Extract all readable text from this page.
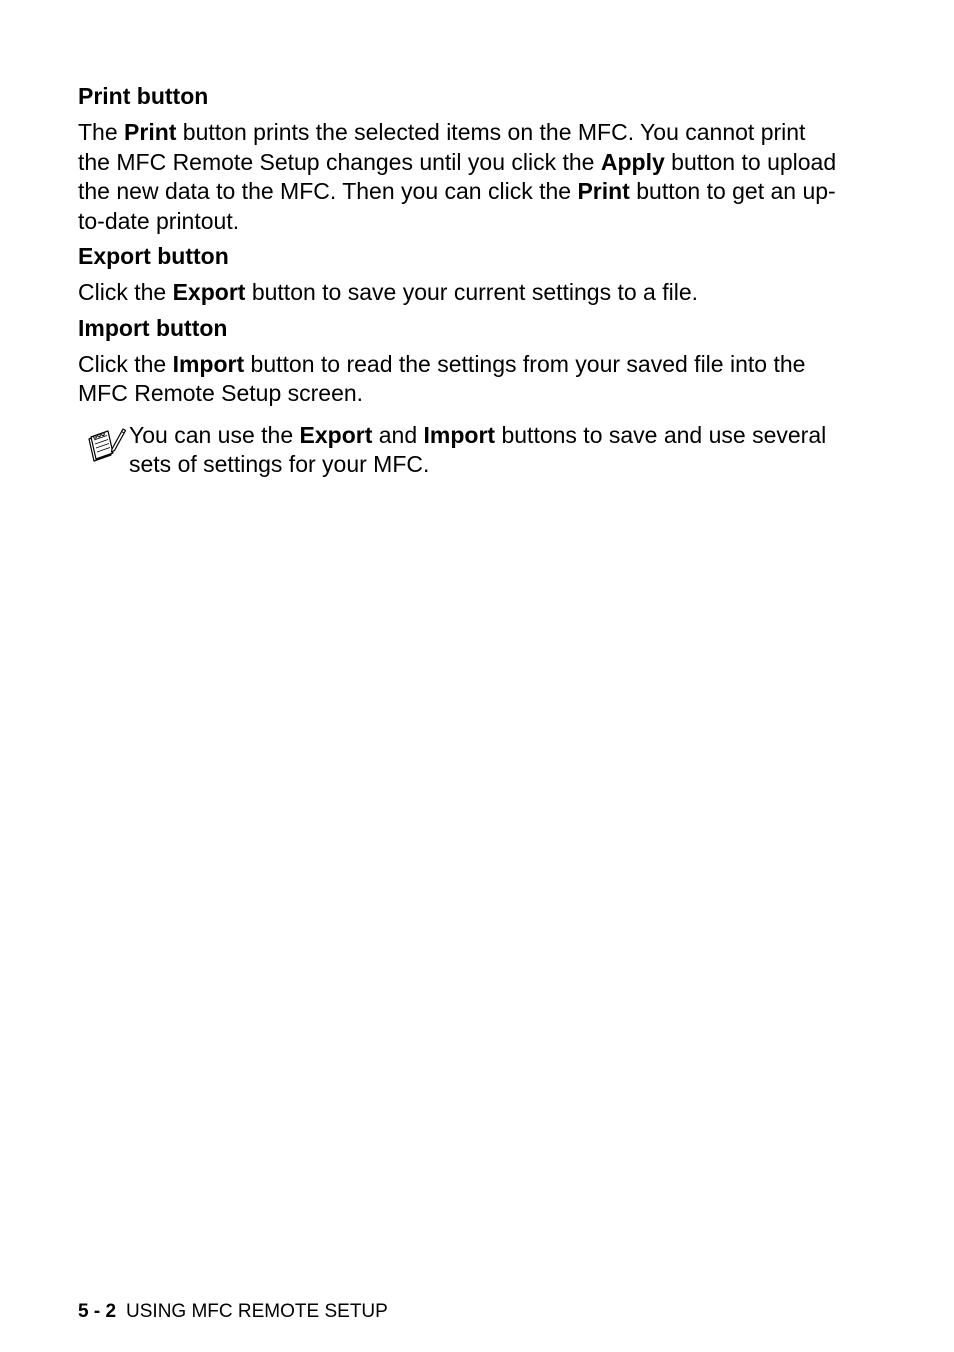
Print button

The Print button prints the selected items on the MFC. You cannot print the MFC Remote Setup changes until you click the Apply button to upload the new data to the MFC. Then you can click the Print button to get an up-to-date printout.

Export button

Click the Export button to save your current settings to a file.

Import button

Click the Import button to read the settings from your saved file into the MFC Remote Setup screen.

You can use the Export and Import buttons to save and use several sets of settings for your MFC.

5 - 2 USING MFC REMOTE SETUP
